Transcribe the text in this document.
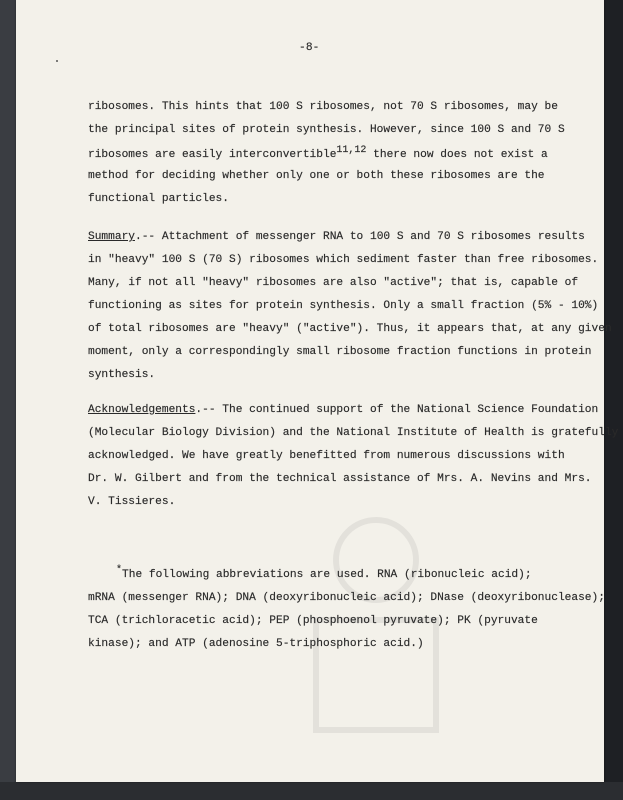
-8-
ribosomes. This hints that 100 S ribosomes, not 70 S ribosomes, may be
the principal sites of protein synthesis. However, since 100 S and 70 S
ribosomes are easily interconvertible$^{11,12}$ there now does not exist a
method for deciding whether only one or both these ribosomes are the
functional particles.
Summary.-- Attachment of messenger RNA to 100 S and 70 S ribosomes results
in "heavy" 100 S (70 S) ribosomes which sediment faster than free ribosomes.
Many, if not all "heavy" ribosomes are also "active"; that is, capable of
functioning as sites for protein synthesis. Only a small fraction (5% - 10%)
of total ribosomes are "heavy" ("active"). Thus, it appears that, at any given
moment, only a correspondingly small ribosome fraction functions in protein
synthesis.
Acknowledgements.-- The continued support of the National Science Foundation
(Molecular Biology Division) and the National Institute of Health is gratefully
acknowledged. We have greatly benefitted from numerous discussions with
Dr. W. Gilbert and from the technical assistance of Mrs. A. Nevins and Mrs.
V. Tissieres.
*The following abbreviations are used. RNA (ribonucleic acid);
mRNA (messenger RNA); DNA (deoxyribonucleic acid); DNase (deoxyribonuclease);
TCA (trichloracetic acid); PEP (phosphoenol pyruvate); PK (pyruvate
kinase); and ATP (adenosine 5-triphosphoric acid.)
